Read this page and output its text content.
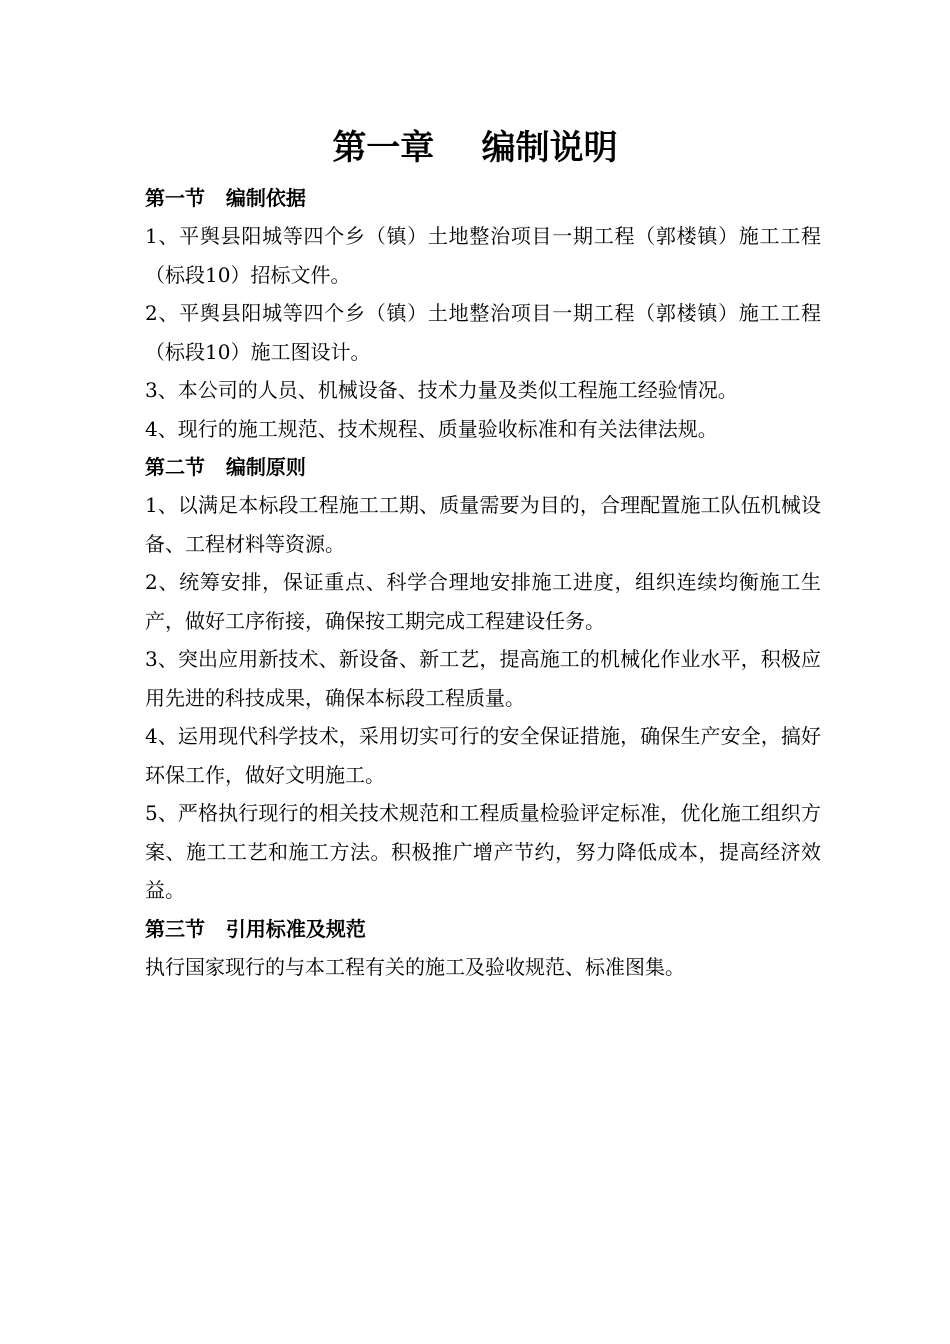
第一章    编制说明
第一节   编制依据

1、平舆县阳城等四个乡（镇）土地整治项目一期工程（郭楼镇）施工工程（标段10）招标文件。

2、平舆县阳城等四个乡（镇）土地整治项目一期工程（郭楼镇）施工工程（标段10）施工图设计。

3、本公司的人员、机械设备、技术力量及类似工程施工经验情况。

4、现行的施工规范、技术规程、质量验收标准和有关法律法规。

第二节   编制原则

1、以满足本标段工程施工工期、质量需要为目的，合理配置施工队伍机械设备、工程材料等资源。

2、统筹安排，保证重点、科学合理地安排施工进度，组织连续均衡施工生产，做好工序衔接，确保按工期完成工程建设任务。

3、突出应用新技术、新设备、新工艺，提高施工的机械化作业水平，积极应用先进的科技成果，确保本标段工程质量。

4、运用现代科学技术，采用切实可行的安全保证措施，确保生产安全，搞好环保工作，做好文明施工。

5、严格执行现行的相关技术规范和工程质量检验评定标准，优化施工组织方案、施工工艺和施工方法。积极推广增产节约，努力降低成本，提高经济效益。

第三节   引用标准及规范

执行国家现行的与本工程有关的施工及验收规范、标准图集。
